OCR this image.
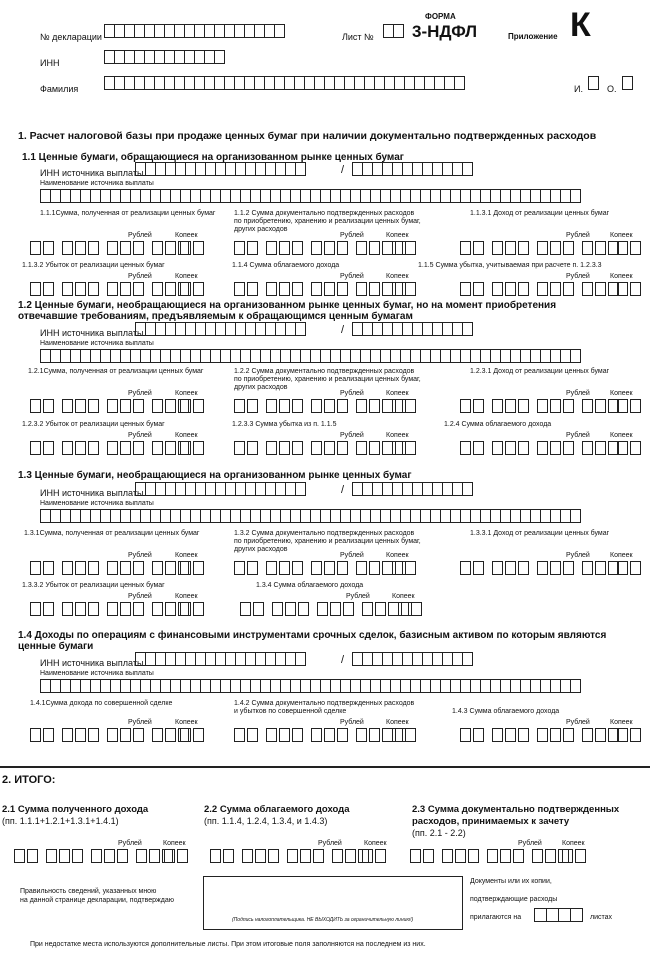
№ декларации	Лист №
ФОРМА
3-НДФЛ	Приложение К
ИНН
Фамилия	И.	О.
1. Расчет налоговой базы при продаже ценных бумаг при наличии документально подтвержденных расходов
1.1 Ценные бумаги, обращающиеся на организованном рынке ценных бумаг
ИНН источника выплаты	/
Наименование источника выплаты
1.1.1Сумма, полученная от реализации ценных бумаг	1.1.2 Сумма документально подтвержденных расходов
по приобретению, хранению и реализации ценных бумаг,
других расходов
1.1.3.1 Доход от реализации ценных бумаг
Рублей	Копеек	Рублей	Копеек	Рублей	Копеек
1.1.3.2 Убыток от реализации ценных бумаг	1.1.4 Сумма облагаемого дохода	1.1.5 Сумма убытка, учитываемая при расчете п. 1.2.3.3
Рублей	Копеек	Рублей	Копеек	Рублей	Копеек
1.2 Ценные бумаги, необращающиеся на организованном рынке ценных бумаг, но на момент приобретения
отвечавшие требованиям, предъявляемым к обращающимся ценным бумагам
ИНН источника выплаты	/
Наименование источника выплаты
1.2.1Сумма, полученная от реализации ценных бумаг	1.2.2 Сумма документально подтвержденных расходов
по приобретению, хранению и реализации ценных бумаг,
других расходов
1.2.3.1 Доход от реализации ценных бумаг
Рублей	Копеек	Рублей	Копеек	Рублей	Копеек
1.2.3.2 Убыток от реализации ценных бумаг	1.2.3.3 Сумма убытка из п. 1.1.5	1.2.4 Сумма облагаемого дохода
Рублей	Копеек	Рублей	Копеек	Рублей	Копеек
1.3 Ценные бумаги, необращающиеся на организованном рынке ценных бумаг
ИНН источника выплаты	/
Наименование источника выплаты
1.3.1Сумма, полученная от реализации ценных бумаг	1.3.2 Сумма документально подтвержденных расходов
по приобретению, хранению и реализации ценных бумаг,
других расходов
1.3.3.1 Доход от реализации ценных бумаг
Рублей	Копеек	Рублей	Копеек	Рублей	Копеек
1.3.3.2 Убыток от реализации ценных бумаг	1.3.4 Сумма облагаемого дохода
Рублей	Копеек	Рублей	Копеек
1.4 Доходы по операциям с финансовыми инструментами срочных сделок, базисным активом по которым являются
ценные бумаги
ИНН источника выплаты	/
Наименование источника выплаты
1.4.1Сумма дохода по совершенной сделке	1.4.2 Сумма документально подтвержденных расходов
и убытков по совершенной сделке	1.4.3 Сумма облагаемого дохода
Рублей	Копеек	Рублей	Копеек	Рублей	Копеек
2. ИТОГО:
2.1 Сумма полученного дохода
(пп. 1.1.1+1.2.1+1.3.1+1.4.1)
2.2 Сумма облагаемого дохода
(пп. 1.1.4, 1.2.4, 1.3.4, и 1.4.3)
2.3 Сумма документально подтвержденных
расходов, принимаемых к зачету
(пп. 2.1 - 2.2)
Рублей	Копеек	Рублей	Копеек	Рублей	Копеек
Правильность сведений, указанных мною
на данной странице декларации, подтверждаю
(Подпись налогоплательщика. НЕ ВЫХОДИТЬ за ограничительную линию!)
Документы или их копии,
подтверждающие расходы
прилагаются на	листах
При недостатке места используются дополнительные листы. При этом итоговые поля заполняются на последнем из них.
